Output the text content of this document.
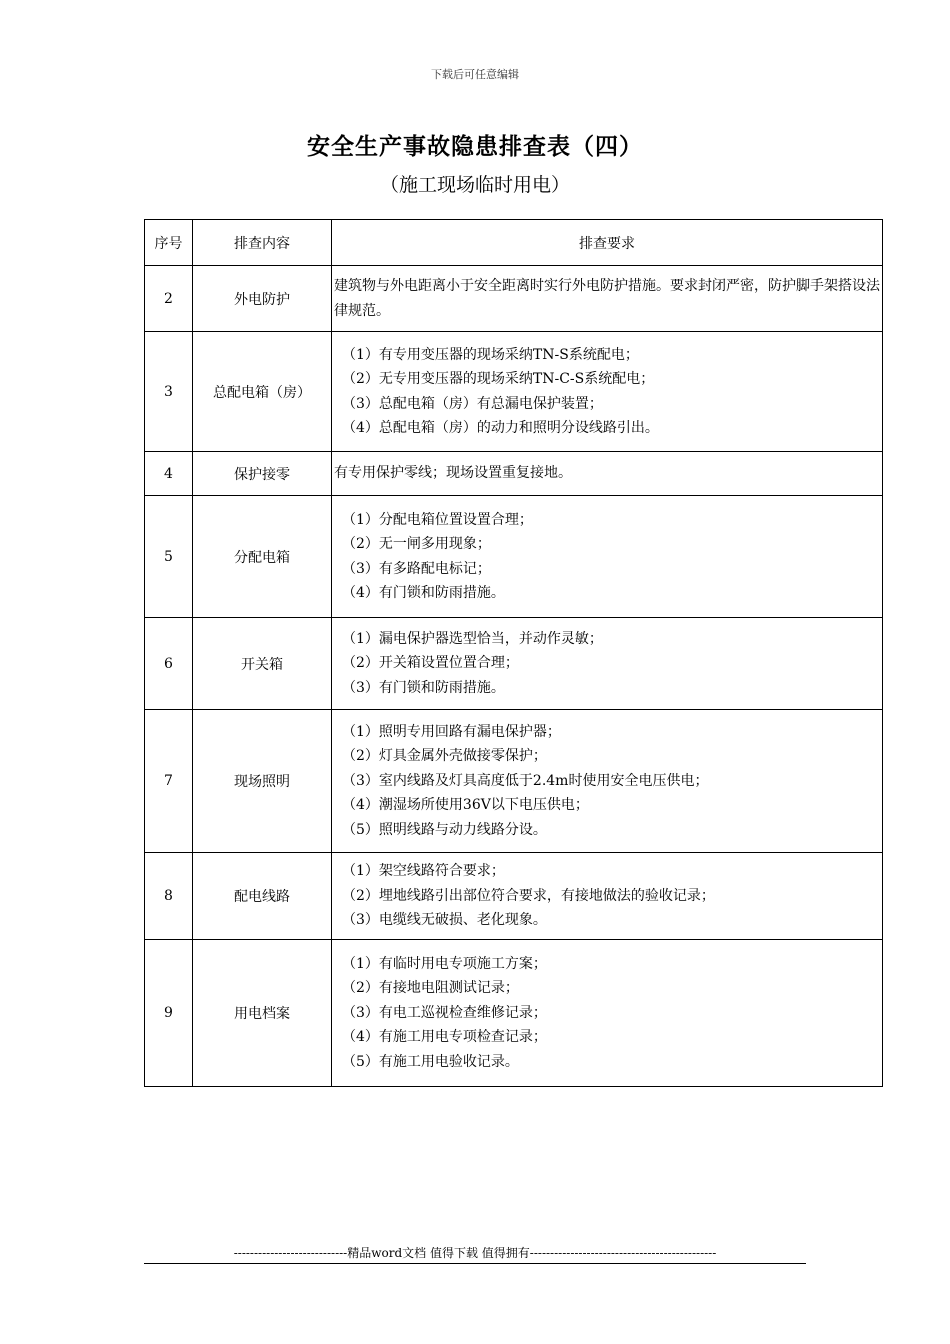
下载后可任意编辑
安全生产事故隐患排查表（四）
（施工现场临时用电）
序号	排查内容	排查要求
2	外电防护	建筑物与外电距离小于安全距离时实行外电防护措施。要求封闭严密，防护脚手架搭设法律规范。

3	总配电箱（房）	（1）有专用变压器的现场采纳TN-S系统配电；
（2）无专用变压器的现场采纳TN-C-S系统配电；
（3）总配电箱（房）有总漏电保护装置；
（4）总配电箱（房）的动力和照明分设线路引出。

4	保护接零	有专用保护零线；现场设置重复接地。

5	分配电箱	（1）分配电箱位置设置合理；
（2）无一闸多用现象；
（3）有多路配电标记；
（4）有门锁和防雨措施。

6	开关箱	（1）漏电保护器选型恰当，并动作灵敏；
（2）开关箱设置位置合理；
（3）有门锁和防雨措施。

7	现场照明	（1）照明专用回路有漏电保护器；
（2）灯具金属外壳做接零保护；
（3）室内线路及灯具高度低于2.4m时使用安全电压供电；
（4）潮湿场所使用36V以下电压供电；
（5）照明线路与动力线路分设。

8	配电线路	（1）架空线路符合要求；
（2）埋地线路引出部位符合要求，有接地做法的验收记录；
（3）电缆线无破损、老化现象。

9	用电档案	（1）有临时用电专项施工方案；
（2）有接地电阻测试记录；
（3）有电工巡视检查维修记录；
（4）有施工用电专项检查记录；
（5）有施工用电验收记录。
----------------------------精品word文档 值得下载 值得拥有----------------------------------------------
